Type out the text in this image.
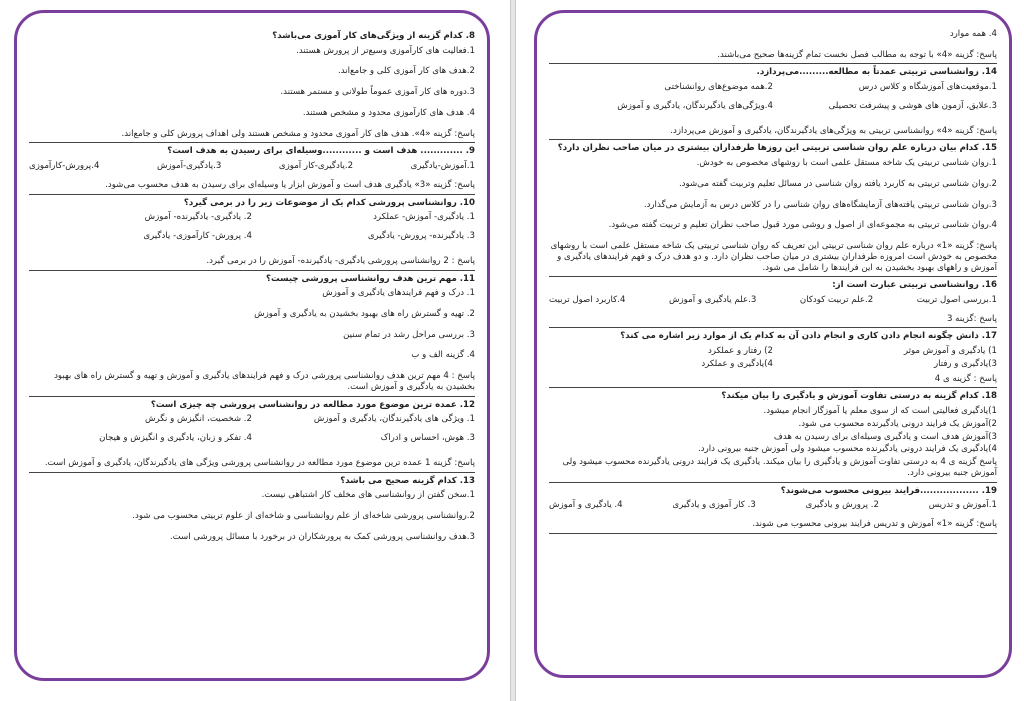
8. کدام گزینه از ویژگی‌های کار آموزی می‌باشد؟
1.فعالیت های کارآموزی وسیع‌تر از پرورش هستند.
2.هدف های کار آموزی کلی و جامع‌اند.
3.دوره های کار آموزی عموماً طولانی و مستمر هستند.
4. هدف های کارآموزی محدود و مشخص هستند.
پاسخ: گزینه «4». هدف های کار آموزی محدود و مشخص هستند ولی اهداف پرورش کلی و جامع‌اند.
9. ............. هدف است و ............وسیله‌ای برای رسیدن به هدف است؟
1.آموزش-یادگیری
2.یادگیری-کار آموزی
3.یادگیری-آموزش
4.پرورش-کارآموزی
پاسخ: گزینه «3» یادگیری هدف است و آموزش ابزار یا وسیله‌ای برای رسیدن به هدف محسوب می‌شود.
10. روانشناسی پرورشی کدام یک از موضوعات زیر را در برمی گیرد؟
1. یادگیری- آموزش- عملکرد
2. یادگیری- یادگیرنده- آموزش
3. یادگیرنده- پرورش- یادگیری
4. پرورش- کارآموزی- یادگیری
پاسخ : 2 روانشناسی پرورشی یادگیری- یادگیرنده- آموزش را در برمی گیرد.
11. مهم ترین هدف روانشناسی پرورشی چیست؟
1. درک و فهم فرایندهای یادگیری و آموزش
2. تهیه و گسترش راه های بهبود بخشیدن به یادگیری و آموزش
3. بررسی مراحل رشد در تمام سنین
4. گزینه الف و ب
پاسخ : 4 مهم ترین هدف روانشناسی پرورشی درک و فهم فرایندهای یادگیری و آموزش و تهیه و گسترش راه های بهبود بخشیدن به یادگیری و آموزش است.
12. عمده ترین موضوع مورد مطالعه در روانشناسی پرورشی چه چیزی است؟
1. ویژگی های یادگیرندگان، یادگیری و آموزش
2. شخصیت، انگیزش و نگرش
3. هوش، احساس و ادراک
4. تفکر و زبان، یادگیری و انگیزش و هیجان
پاسخ: گزینه 1 عمده ترین موضوع مورد مطالعه در روانشناسی پرورشی ویژگی های یادگیرندگان، یادگیری و آموزش است.
13. کدام گزینه صحیح می باشد؟
1.سخن گفتن از روانشناسی های مخلف کار اشتباهی نیست.
2.روانشناسی پرورشی شاخه‌ای از علم روانشناسی و شاخه‌ای از علوم تربیتی محسوب می شود.
3.هدف روانشناسی پرورشی کمک به پرورشکاران در برخورد با مسائل پرورشی است.
4. همه موارد
پاسخ: گزینه «4» با توجه به مطالب فصل نخست تمام گزینه‌ها صحیح می‌باشند.
14. روانشناسی تربیتی عمدتاً به مطالعه.........می‌پردازد.
1.موقعیت‌های آموزشگاه و کلاس درس
2.همه موضوع‌های روانشناختی
3.علایق، آزمون های هوشی و پیشرفت تحصیلی
4.ویژگی‌های یادگیرندگان، یادگیری و آموزش
پاسخ: گزینه «4» روانشناسی تربیتی به ویژگی‌های یادگیرندگان، یادگیری و آموزش می‌پردازد.
15. کدام بیان درباره علم روان شناسی تربیتی این روزها طرفداران بیشتری در میان صاحب نظران دارد؟
1.روان شناسی تربیتی یک شاخه مستقل علمی است با روشهای مخصوص به خودش.
2.روان شناسی تربیتی به کاربرد یافته روان شناسی در مسائل تعلیم وتربیت گفته می‌شود.
3.روان شناسی تربیتی یافته‌های آزمایشگاه‌های روان شناسی را در کلاس درس به آزمایش می‌گذارد.
4.روان شناسی تربیتی به مجموعه‌ای از اصول و روشی مورد قبول صاحب نظران تعلیم و تربیت گفته می‌شود.
پاسخ: گزینه «1» درباره علم روان شناسی تربیتی این تعریف که روان شناسی تربیتی یک شاخه مستقل علمی است با روشهای مخصوص به خودش است امروزه طرفداران بیشتری در میان صاحب نظران دارد. و دو هدف درک و فهم فرایندهای یادگیری و آموزش و راههای بهبود بخشیدن به این فرایندها را شامل می شود.
16. روانشناسی تربیتی عبارت است از:
1.بررسی اصول تربیت
2.علم تربیت کودکان
3.علم یادگیری و آموزش
4.کاربرد اصول تربیت
پاسخ :گزینه 3
17. دانش چگونه انجام دادن کاری و انجام دادن آن به کدام یک از موارد زیر اشاره می کند؟
1) یادگیری و آموزش موثر
2) رفتار و عملکرد
3)یادگیری و رفتار
4)یادگیری و عملکرد
پاسخ : گزینه ی 4
18. کدام گزینه به درستی تفاوت آموزش و یادگیری را بیان میکند؟
1)یادگیری فعالیتی است که از سوی معلم یا آموزگار انجام میشود.
2)آموزش یک فرایند درونی یادگیرنده محسوب می شود.
3)آموزش هدف است و یادگیری وسیله‌ای برای رسیدن به هدف
4)یادگیری یک فرایند درونی یادگیرنده محسوب میشود ولی آموزش جنبه بیرونی دارد.
پاسخ گزینه ی 4 به درستی تفاوت آموزش و یادگیری را بیان میکند. یادگیری یک فرایند درونی یادگیرنده محسوب میشود ولی آموزش جنبه بیرونی دارد.
19. ..................فرایند بیرونی محسوب می‌شوند؟
1.آموزش و تدریس
2. پرورش و یادگیری
3. کار آموزی و یادگیری
4. یادگیری و آموزش
پاسخ: گزینه «1» آموزش و تدریس فرایند بیرونی محسوب می شوند.
